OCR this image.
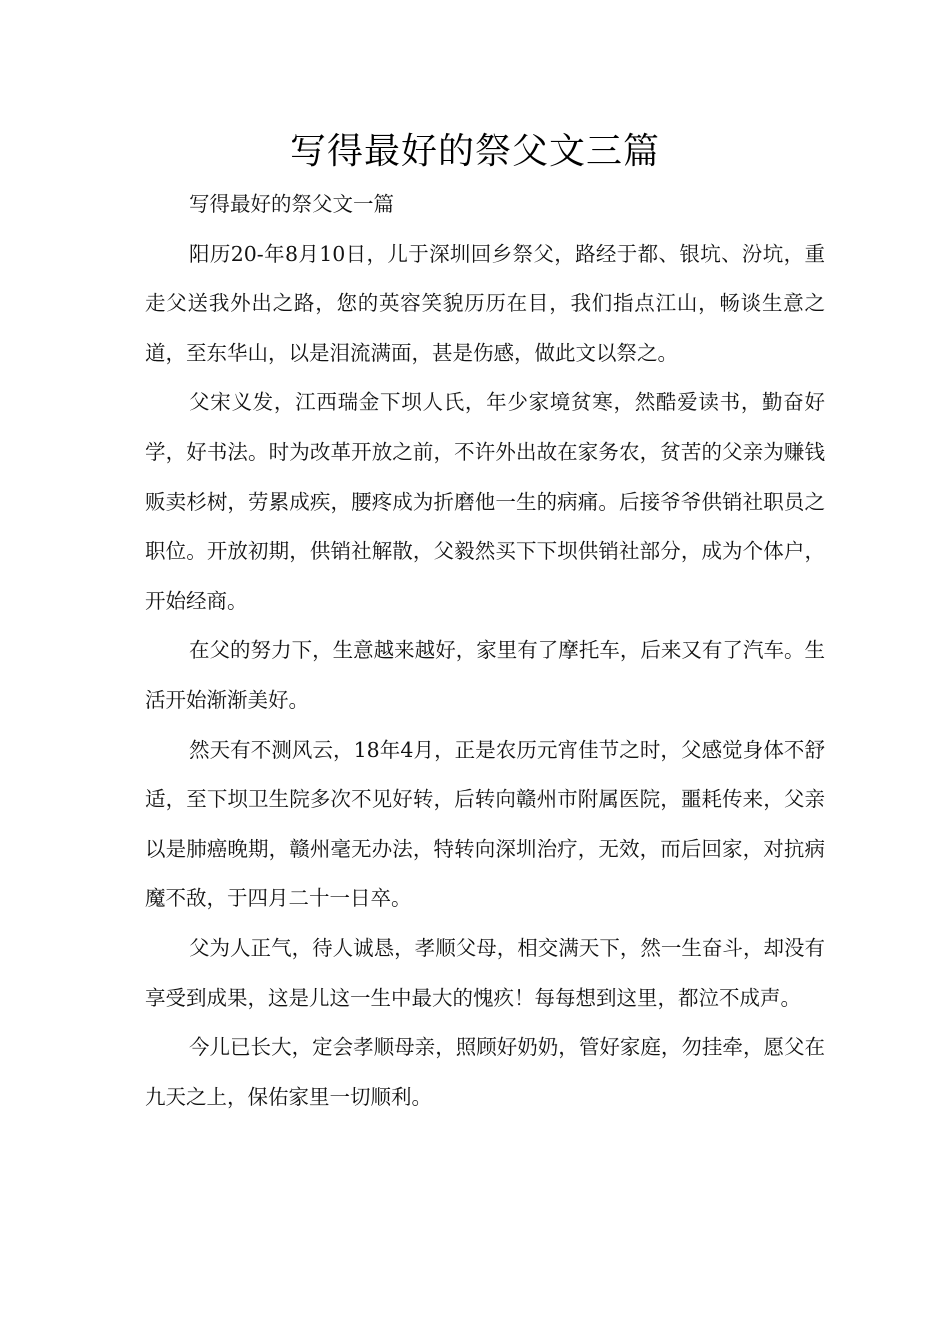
写得最好的祭父文三篇

写得最好的祭父文一篇

阳历20-年8月10日，儿于深圳回乡祭父，路经于都、银坑、汾坑，重走父送我外出之路，您的英容笑貌历历在目，我们指点江山，畅谈生意之道，至东华山，以是泪流满面，甚是伤感，做此文以祭之。

父宋义发，江西瑞金下坝人氏，年少家境贫寒，然酷爱读书，勤奋好学，好书法。时为改革开放之前，不许外出故在家务农，贫苦的父亲为赚钱贩卖杉树，劳累成疾，腰疼成为折磨他一生的病痛。后接爷爷供销社职员之职位。开放初期，供销社解散，父毅然买下下坝供销社部分，成为个体户，开始经商。

在父的努力下，生意越来越好，家里有了摩托车，后来又有了汽车。生活开始渐渐美好。

然天有不测风云，18年4月，正是农历元宵佳节之时，父感觉身体不舒适，至下坝卫生院多次不见好转，后转向赣州市附属医院，噩耗传来，父亲以是肺癌晚期，赣州毫无办法，特转向深圳治疗，无效，而后回家，对抗病魔不敌，于四月二十一日卒。

父为人正气，待人诚恳，孝顺父母，相交满天下，然一生奋斗，却没有享受到成果，这是儿这一生中最大的愧疚！每每想到这里，都泣不成声。

今儿已长大，定会孝顺母亲，照顾好奶奶，管好家庭，勿挂牵，愿父在九天之上，保佑家里一切顺利。
